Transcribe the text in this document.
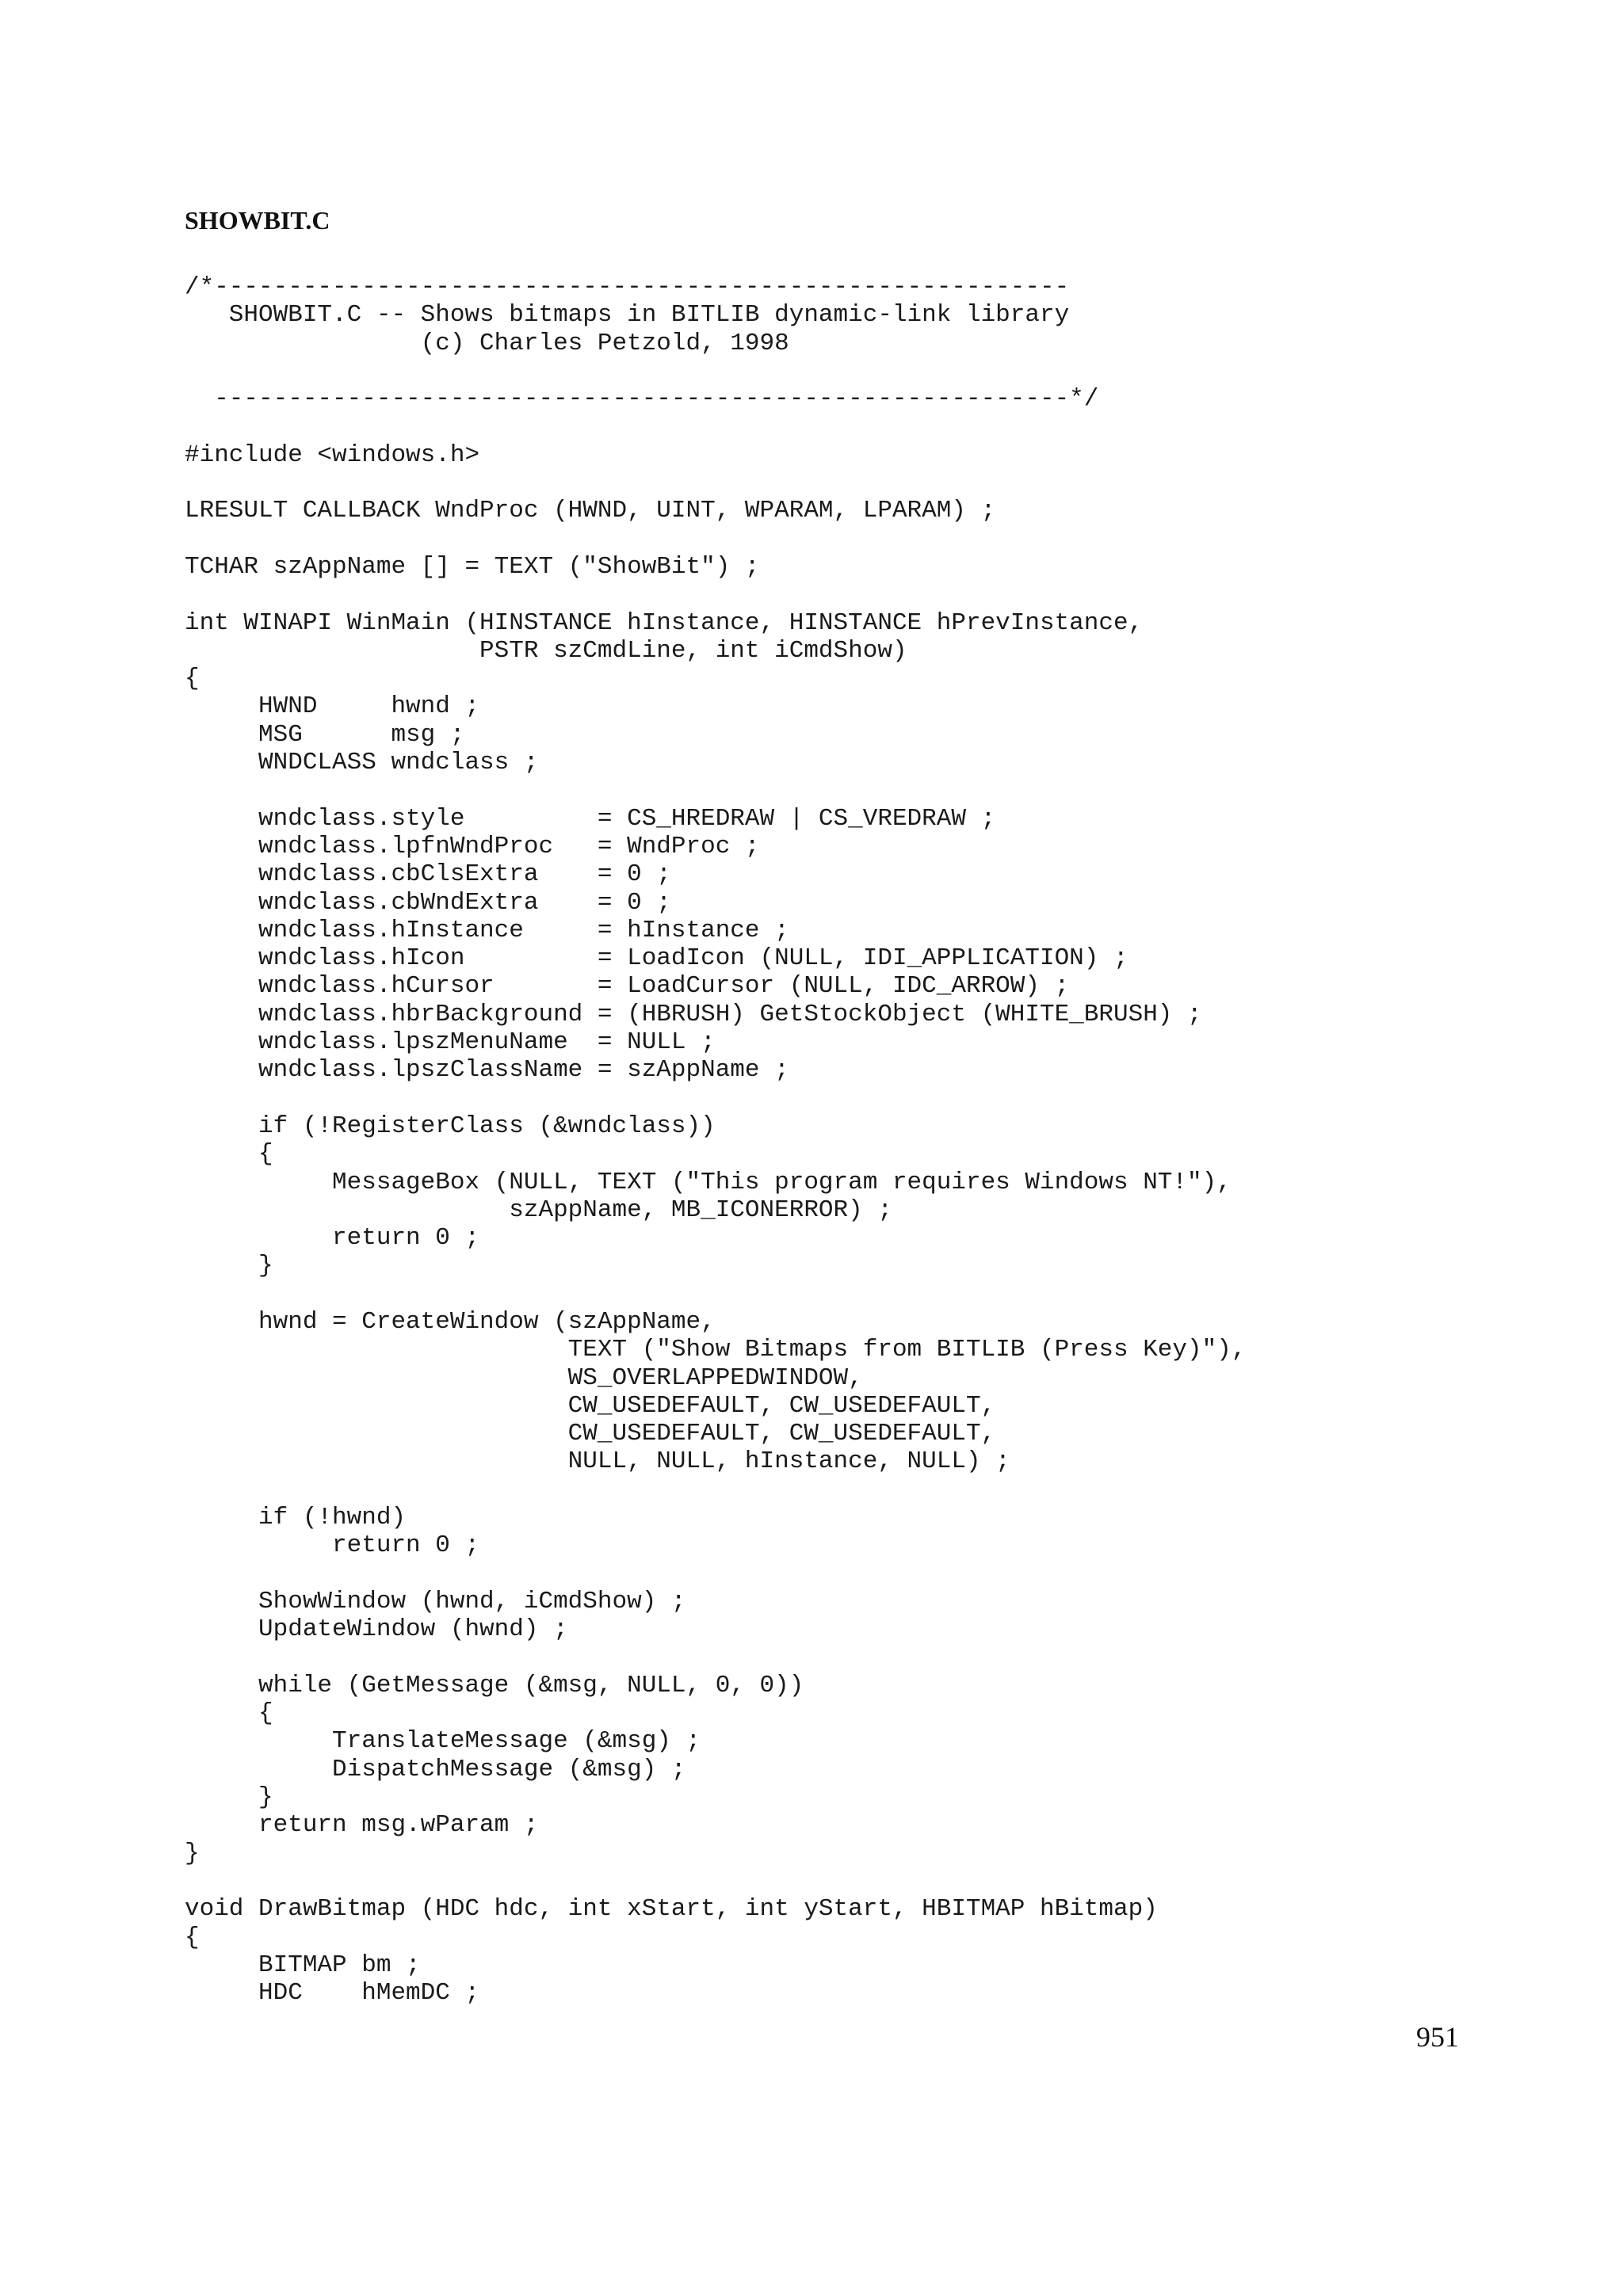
SHOWBIT.C
/*----------------------------------------------------------
SHOWBIT.C -- Shows bitmaps in BITLIB dynamic-link library
(c) Charles Petzold, 1998
----------------------------------------------------------*/
#include <windows.h>
LRESULT CALLBACK WndProc (HWND, UINT, WPARAM, LPARAM) ;
TCHAR szAppName [] = TEXT ("ShowBit") ;
int WINAPI WinMain (HINSTANCE hInstance, HINSTANCE hPrevInstance,
PSTR szCmdLine, int iCmdShow)
{
HWND     hwnd ;
MSG      msg ;
WNDCLASS wndclass ;
wndclass.style         = CS_HREDRAW | CS_VREDRAW ;
wndclass.lpfnWndProc   = WndProc ;
wndclass.cbClsExtra    = 0 ;
wndclass.cbWndExtra    = 0 ;
wndclass.hInstance     = hInstance ;
wndclass.hIcon         = LoadIcon (NULL, IDI_APPLICATION) ;
wndclass.hCursor       = LoadCursor (NULL, IDC_ARROW) ;
wndclass.hbrBackground = (HBRUSH) GetStockObject (WHITE_BRUSH) ;
wndclass.lpszMenuName  = NULL ;
wndclass.lpszClassName = szAppName ;
if (!RegisterClass (&wndclass))
{
MessageBox (NULL, TEXT ("This program requires Windows NT!"),
szAppName, MB_ICONERROR) ;
return 0 ;
}
hwnd = CreateWindow (szAppName,
TEXT ("Show Bitmaps from BITLIB (Press Key)"),
WS_OVERLAPPEDWINDOW,
CW_USEDEFAULT, CW_USEDEFAULT,
CW_USEDEFAULT, CW_USEDEFAULT,
NULL, NULL, hInstance, NULL) ;
if (!hwnd)
return 0 ;
ShowWindow (hwnd, iCmdShow) ;
UpdateWindow (hwnd) ;
while (GetMessage (&msg, NULL, 0, 0))
{
TranslateMessage (&msg) ;
DispatchMessage (&msg) ;
}
return msg.wParam ;
}
void DrawBitmap (HDC hdc, int xStart, int yStart, HBITMAP hBitmap)
{
BITMAP bm ;
HDC    hMemDC ;

951
